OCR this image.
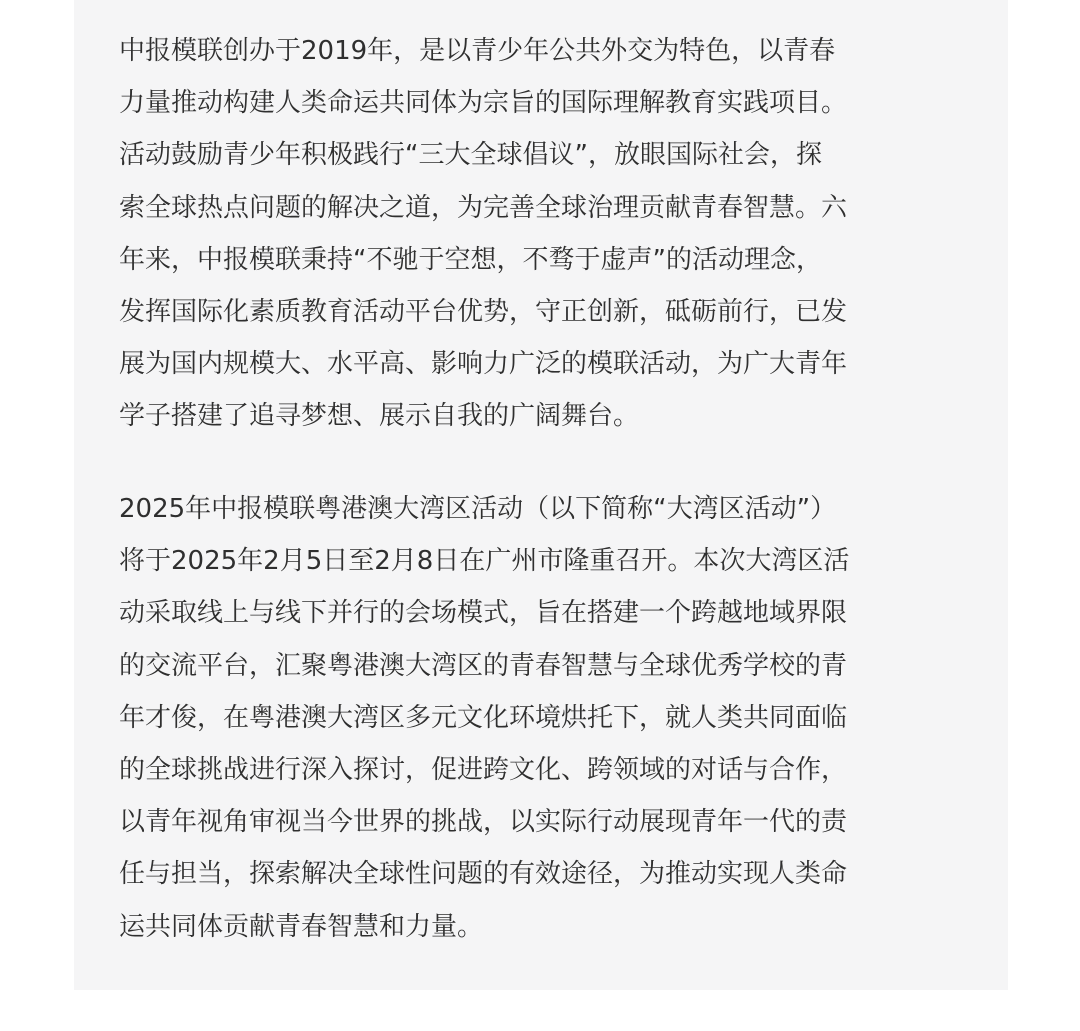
中报模联创办于2019年，是以青少年公共外交为特色，以青春
力量推动构建人类命运共同体为宗旨的国际理解教育实践项目。
活动鼓励青少年积极践行“三大全球倡议”，放眼国际社会，探
索全球热点问题的解决之道，为完善全球治理贡献青春智慧。六
年来，中报模联秉持“不驰于空想，不骛于虚声”的活动理念，
发挥国际化素质教育活动平台优势，守正创新，砥砺前行，已发
展为国内规模大、水平高、影响力广泛的模联活动，为广大青年
学子搭建了追寻梦想、展示自我的广阔舞台。

2025年中报模联粤港澳大湾区活动（以下简称“大湾区活动”）
将于2025年2月5日至2月8日在广州市隆重召开。本次大湾区活
动采取线上与线下并行的会场模式，旨在搭建一个跨越地域界限
的交流平台，汇聚粤港澳大湾区的青春智慧与全球优秀学校的青
年才俊，在粤港澳大湾区多元文化环境烘托下，就人类共同面临
的全球挑战进行深入探讨，促进跨文化、跨领域的对话与合作，
以青年视角审视当今世界的挑战，以实际行动展现青年一代的责
任与担当，探索解决全球性问题的有效途径，为推动实现人类命
运共同体贡献青春智慧和力量。
